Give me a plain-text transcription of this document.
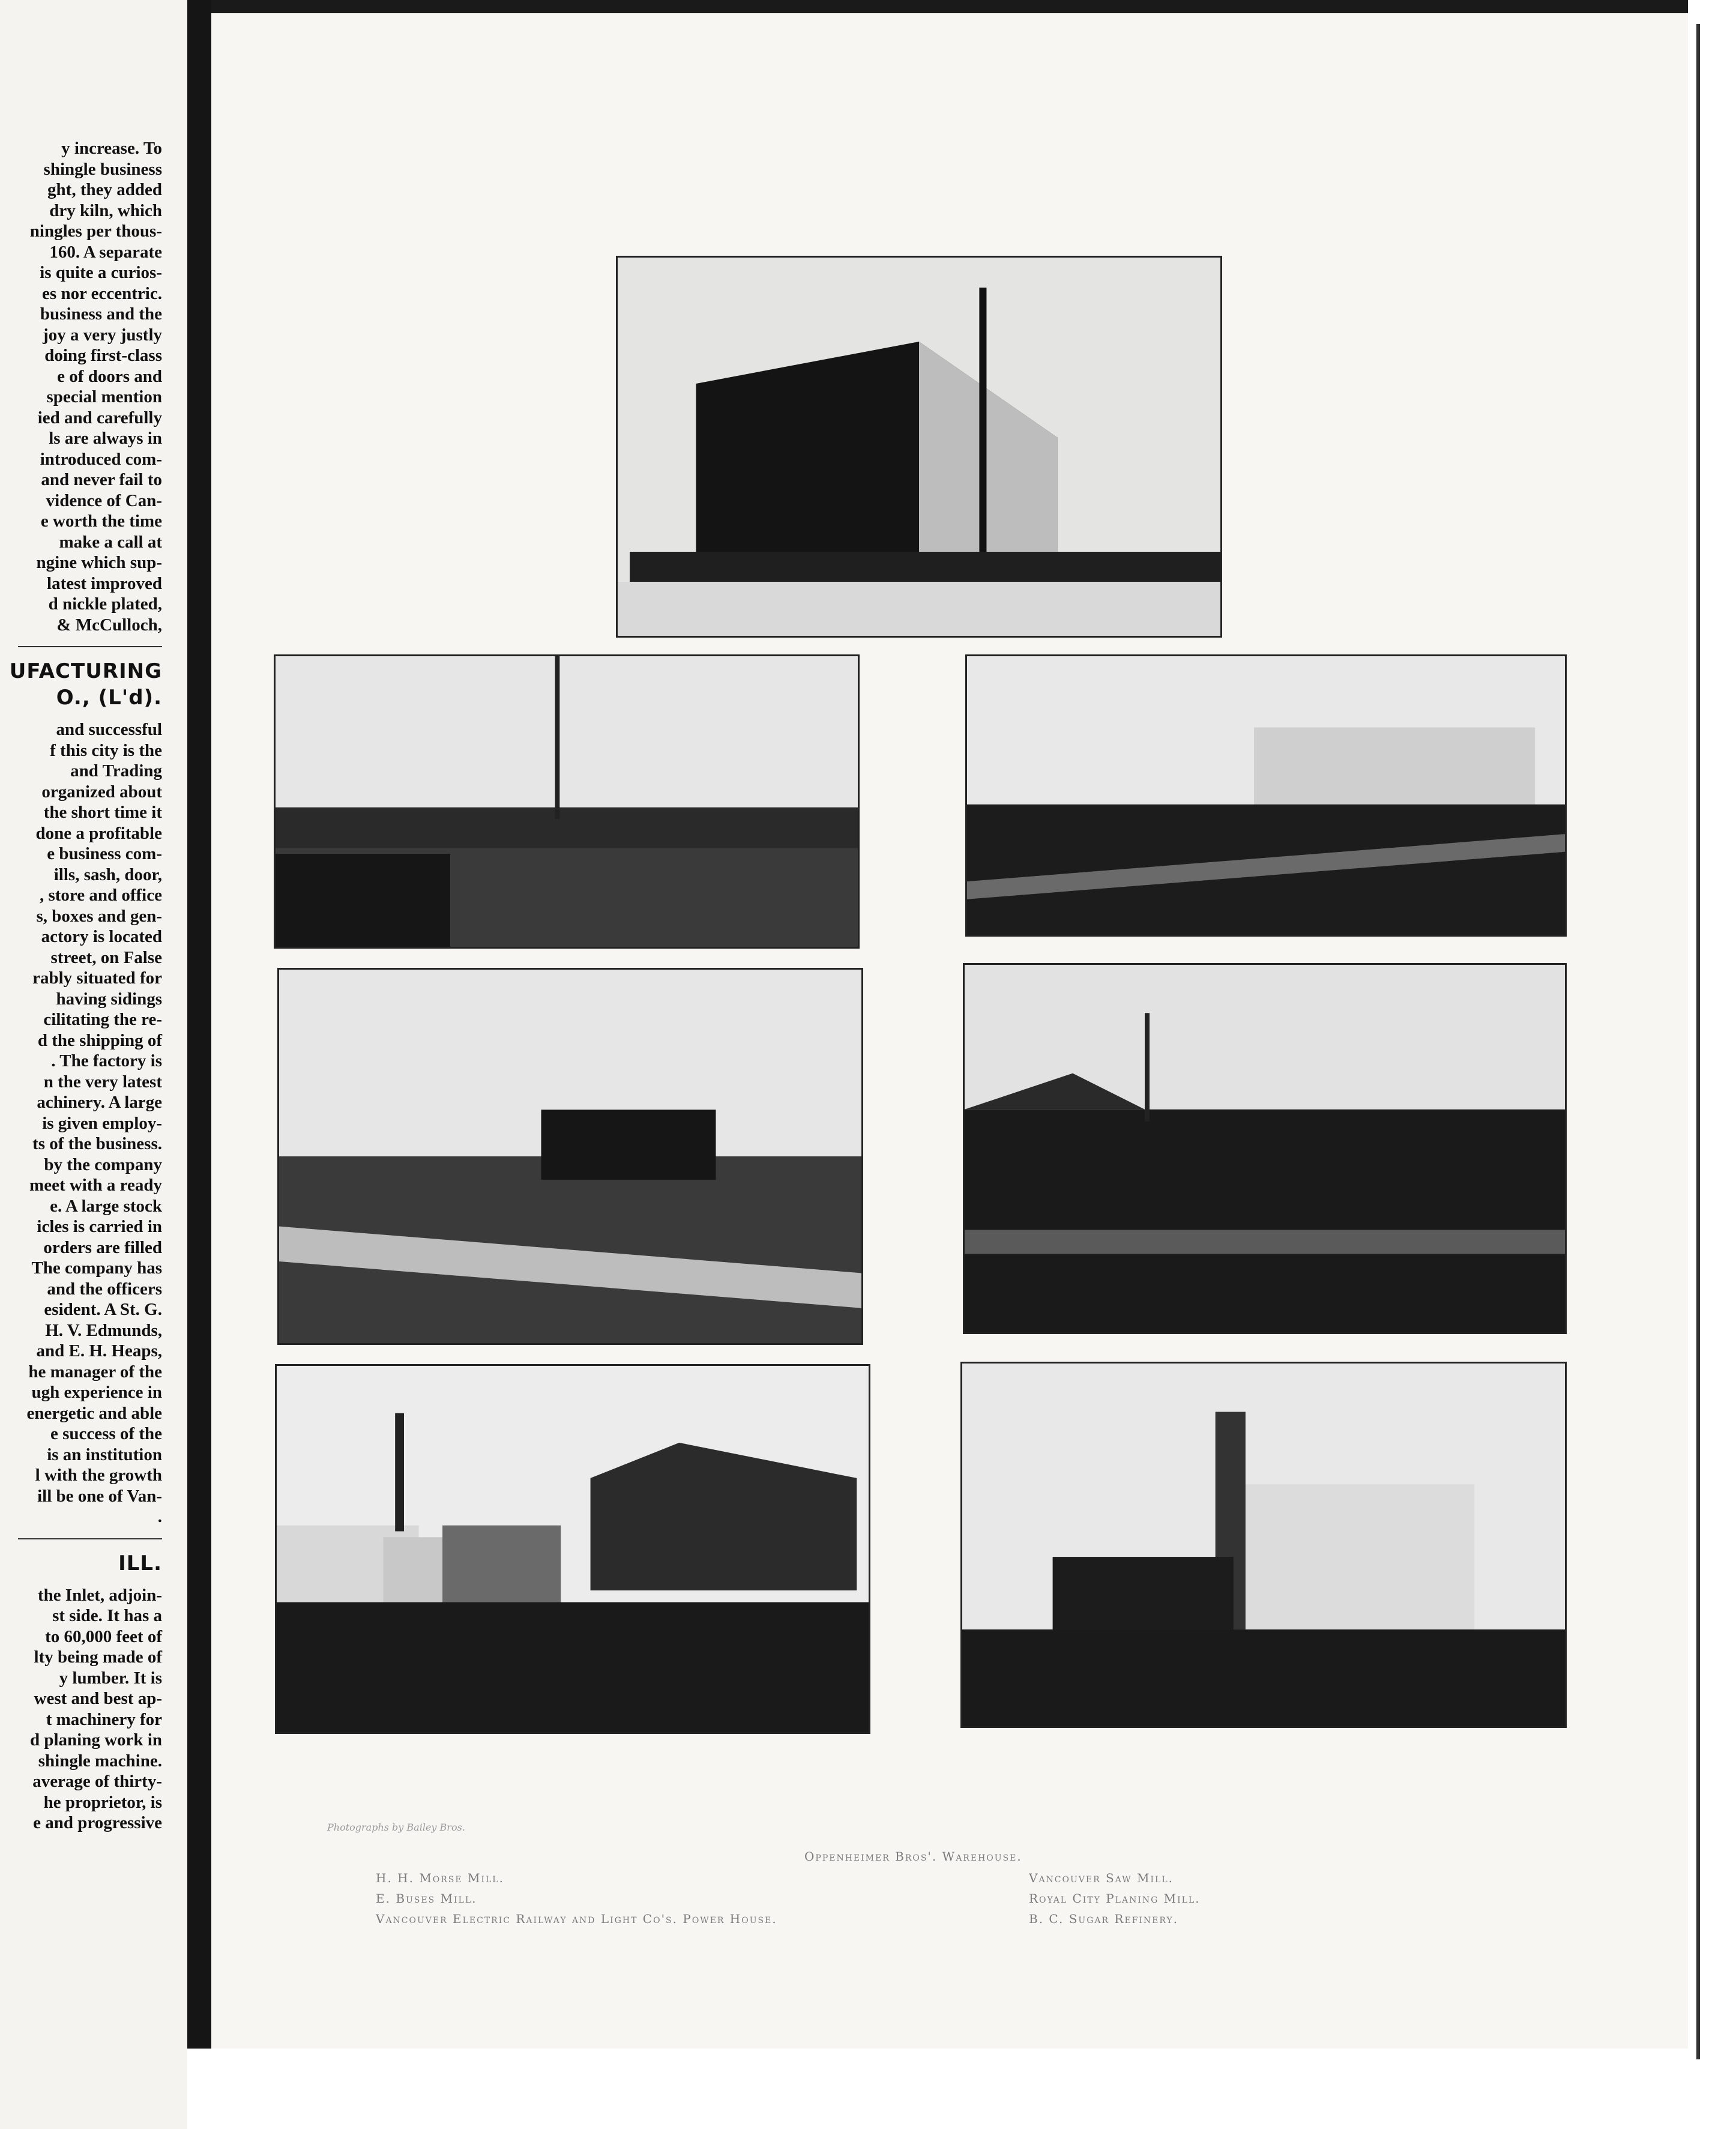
y increase. To
shingle business
ght, they added
dry kiln, which
ningles per thous-
160. A separate
is quite a curios-
es nor eccentric.
business and the
joy a very justly
doing first-class
e of doors and
special mention
ied and carefully
ls are always in
introduced com-
and never fail to
vidence of Can-
e worth the time
make a call at
ngine which sup-
latest improved
d nickle plated,
& McCulloch,
UFACTURING
O., (L'd).
and successful
f this city is the
and Trading
organized about
the short time it
done a profitable
e business com-
ills, sash, door,
, store and office
s, boxes and gen-
actory is located
street, on False
rably situated for
having sidings
cilitating the re-
d the shipping of
. The factory is
n the very latest
achinery. A large
is given employ-
ts of the business.
by the company
meet with a ready
e. A large stock
icles is carried in
orders are filled
The company has
and the officers
esident. A St. G.
H. V. Edmunds,
and E. H. Heaps,
he manager of the
ugh experience in
energetic and able
e success of the
is an institution
l with the growth
ill be one of Van-
.
ILL.
the Inlet, adjoin-
st side. It has a
to 60,000 feet of
lty being made of
y lumber. It is
west and best ap-
t machinery for
d planing work in
shingle machine.
average of thirty-
he proprietor, is
e and progressive	Photographs by Bailey Bros.
Oppenheimer Bros'. Warehouse.
H. H. Morse Mill.
E. Buses Mill.
Vancouver Electric Railway and Light Co's. Power House.
Vancouver Saw Mill.
Royal City Planing Mill.
B. C. Sugar Refinery.
